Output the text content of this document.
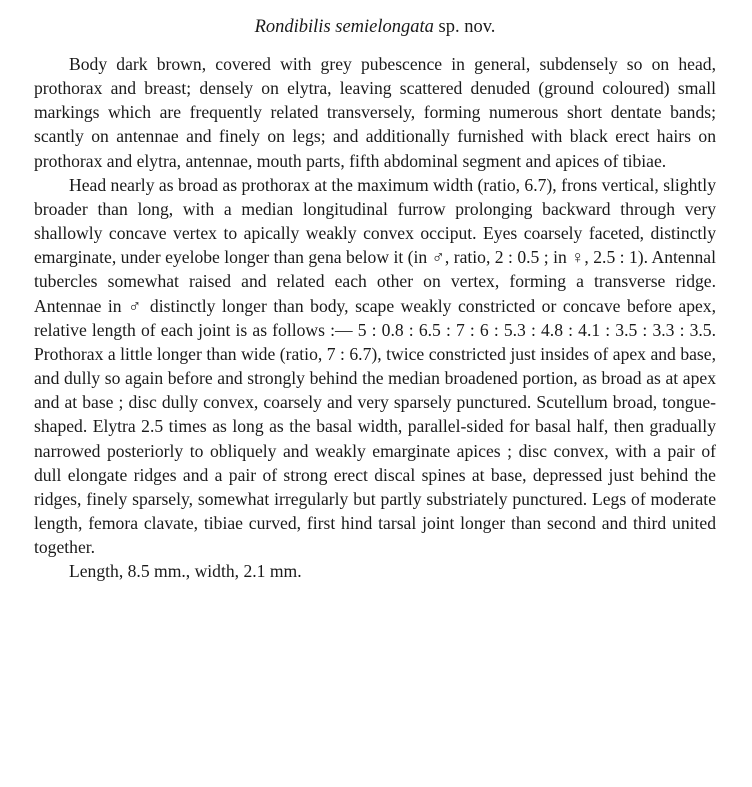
Rondibilis semielongata sp. nov.

Body dark brown, covered with grey pubescence in general, subdensely so on head, prothorax and breast; densely on elytra, leaving scattered denuded (ground coloured) small markings which are frequently related transversely, forming numerous short dentate bands; scantly on antennae and finely on legs; and additionally furnished with black erect hairs on prothorax and elytra, antennae, mouth parts, fifth abdominal segment and apices of tibiae.

Head nearly as broad as prothorax at the maximum width (ratio, 6.7), frons vertical, slightly broader than long, with a median longitudinal furrow prolonging backward through very shallowly concave vertex to apically weakly convex occiput. Eyes coarsely faceted, distinctly emarginate, under eyelobe longer than gena below it (in ♂, ratio, 2 : 0.5 ; in ♀, 2.5 : 1). Antennal tubercles somewhat raised and related each other on vertex, forming a transverse ridge. Antennae in ♂ distinctly longer than body, scape weakly constricted or concave before apex, relative length of each joint is as follows :— 5 : 0.8 : 6.5 : 7 : 6 : 5.3 : 4.8 : 4.1 : 3.5 : 3.3 : 3.5. Prothorax a little longer than wide (ratio, 7 : 6.7), twice constricted just insides of apex and base, and dully so again before and strongly behind the median broadened portion, as broad as at apex and at base ; disc dully convex, coarsely and very sparsely punctured. Scutellum broad, tongue-shaped. Elytra 2.5 times as long as the basal width, parallel-sided for basal half, then gradually narrowed posteriorly to obliquely and weakly emarginate apices ; disc convex, with a pair of dull elongate ridges and a pair of strong erect discal spines at base, depressed just behind the ridges, finely sparsely, somewhat irregularly but partly substriately punctured. Legs of moderate length, femora clavate, tibiae curved, first hind tarsal joint longer than second and third united together.

Length, 8.5 mm., width, 2.1 mm.
